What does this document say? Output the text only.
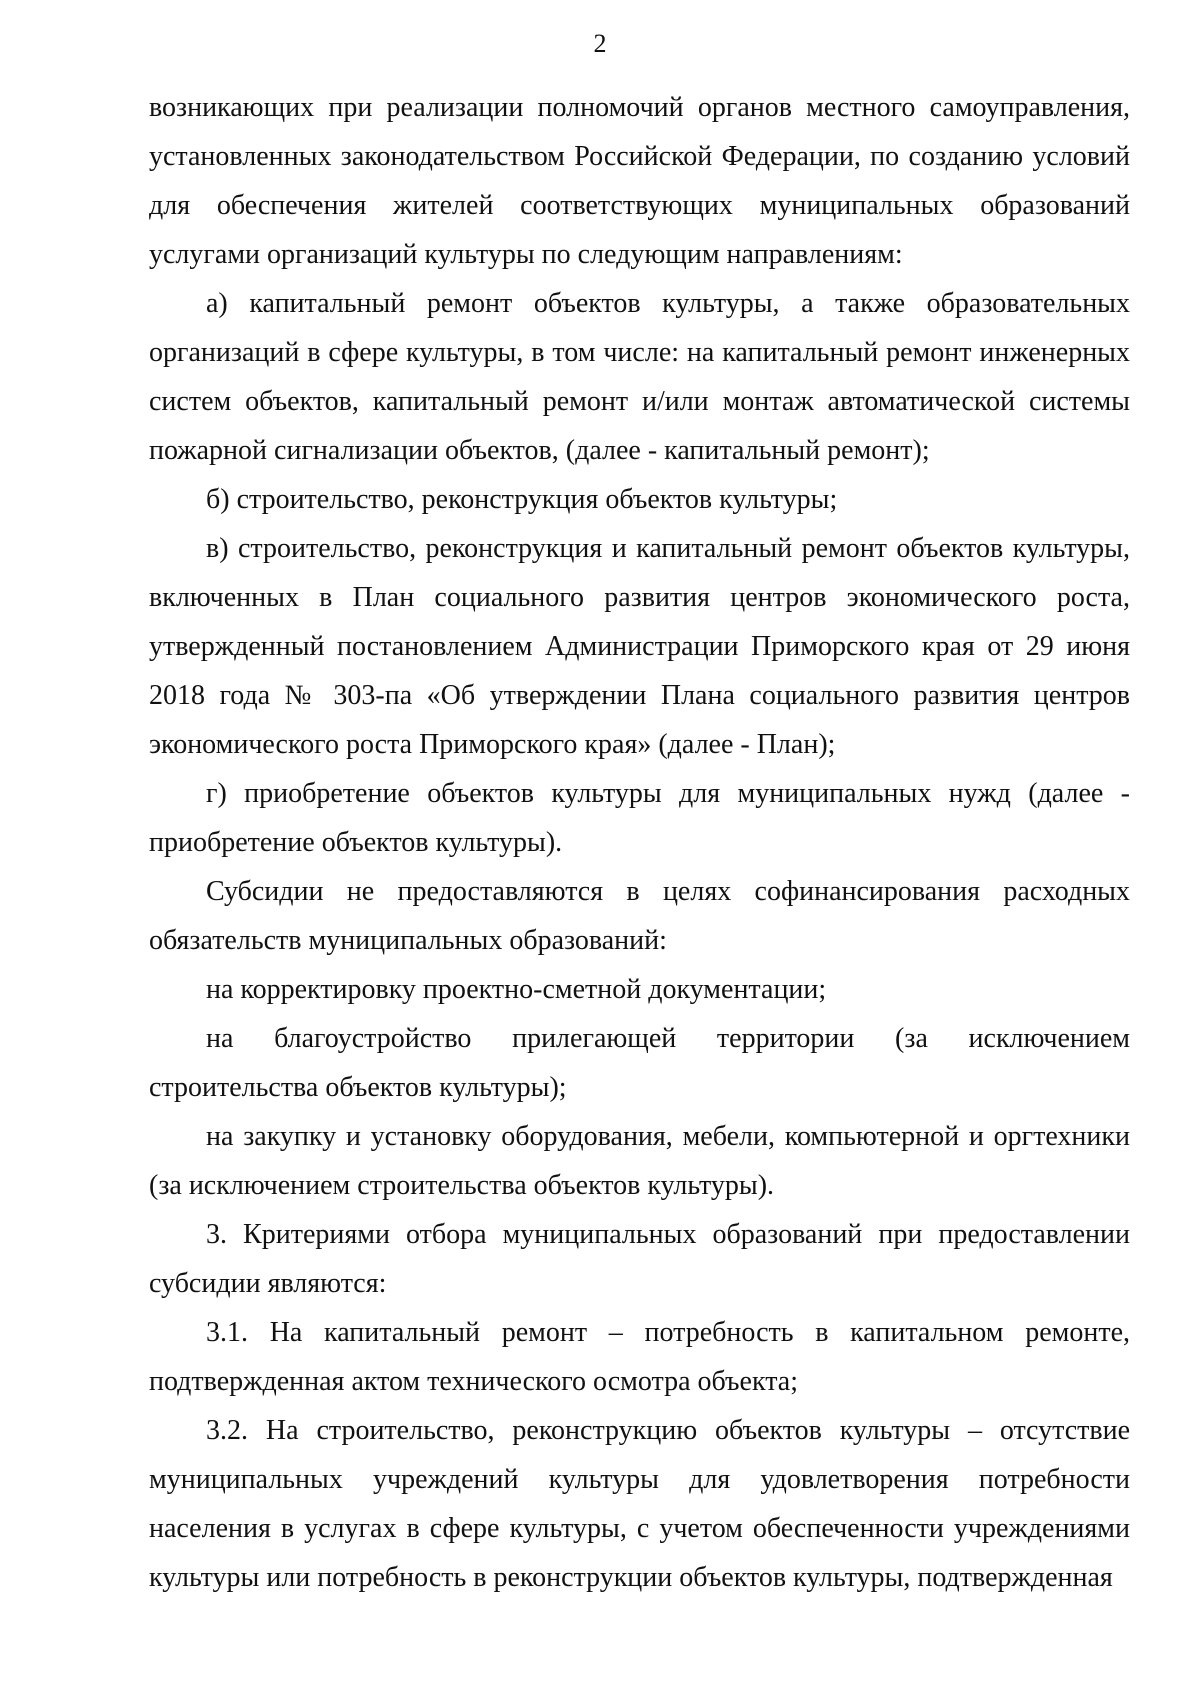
2

возникающих при реализации полномочий органов местного самоуправления, установленных законодательством Российской Федерации, по созданию условий для обеспечения жителей соответствующих муниципальных образований услугами организаций культуры по следующим направлениям:

а) капитальный ремонт объектов культуры, а также образовательных организаций в сфере культуры, в том числе: на капитальный ремонт инженерных систем объектов, капитальный ремонт и/или монтаж автоматической системы пожарной сигнализации объектов, (далее - капитальный ремонт);

б) строительство, реконструкция объектов культуры;

в) строительство, реконструкция и капитальный ремонт объектов культуры, включенных в План социального развития центров экономического роста, утвержденный постановлением Администрации Приморского края от 29 июня 2018 года № 303-па «Об утверждении Плана социального развития центров экономического роста Приморского края» (далее - План);

г) приобретение объектов культуры для муниципальных нужд (далее - приобретение объектов культуры).

Субсидии не предоставляются в целях софинансирования расходных обязательств муниципальных образований:

на корректировку проектно-сметной документации;

на благоустройство прилегающей территории (за исключением строительства объектов культуры);

на закупку и установку оборудования, мебели, компьютерной и оргтехники (за исключением строительства объектов культуры).

3. Критериями отбора муниципальных образований при предоставлении субсидии являются:

3.1. На капитальный ремонт – потребность в капитальном ремонте, подтвержденная актом технического осмотра объекта;

3.2. На строительство, реконструкцию объектов культуры – отсутствие муниципальных учреждений культуры для удовлетворения потребности населения в услугах в сфере культуры, с учетом обеспеченности учреждениями культуры или потребность в реконструкции объектов культуры, подтвержденная
